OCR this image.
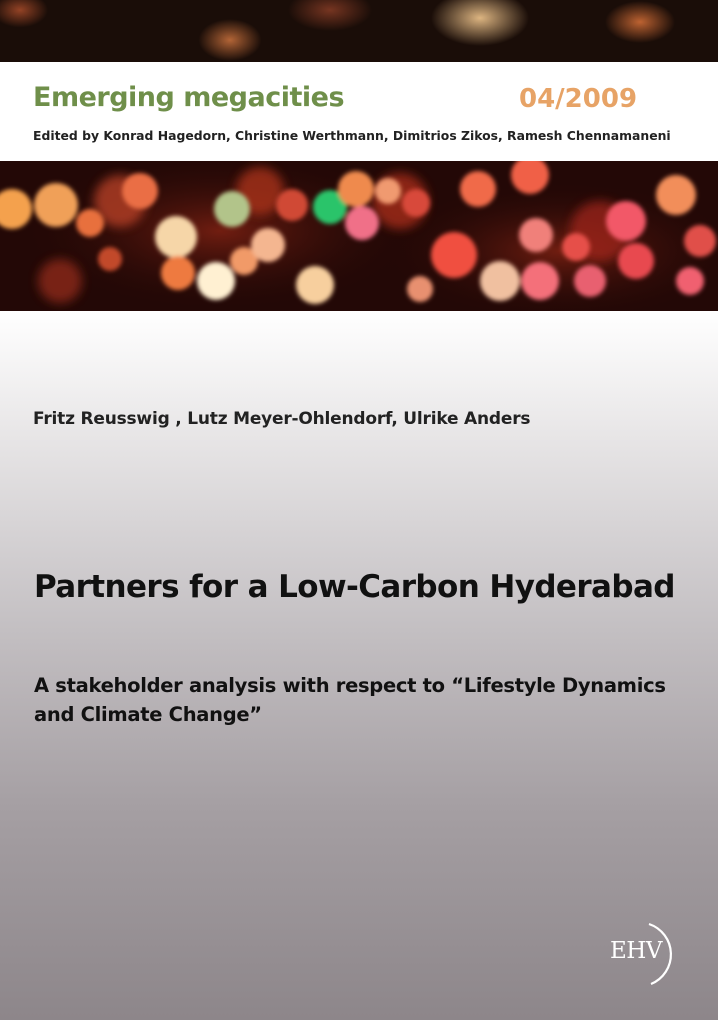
Emerging megacities	04/2009
Edited by Konrad Hagedorn, Christine Werthmann, Dimitrios Zikos, Ramesh Chennamaneni
Fritz Reusswig , Lutz Meyer-Ohlendorf, Ulrike Anders
Partners for a Low-Carbon Hyderabad

A stakeholder analysis with respect to “Lifestyle Dynamics
and Climate Change”

EHV
